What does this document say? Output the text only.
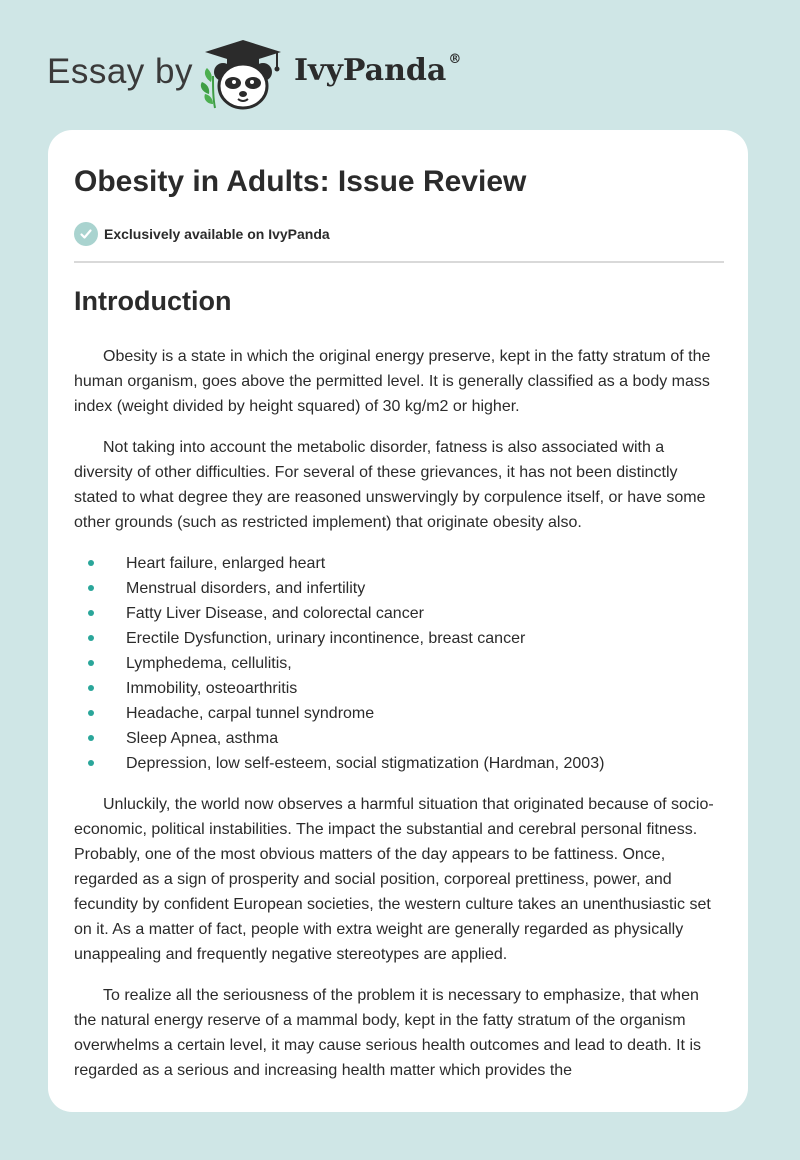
Essay by	IvyPanda ®
Obesity in Adults: Issue Review
Exclusively available on IvyPanda
Introduction

Obesity is a state in which the original energy preserve, kept in the fatty stratum of the human organism, goes above the permitted level. It is generally classified as a body mass index (weight divided by height squared) of 30 kg/m2 or higher.

Not taking into account the metabolic disorder, fatness is also associated with a diversity of other difficulties. For several of these grievances, it has not been distinctly stated to what degree they are reasoned unswervingly by corpulence itself, or have some other grounds (such as restricted implement) that originate obesity also.

Heart failure, enlarged heart
Menstrual disorders, and infertility
Fatty Liver Disease, and colorectal cancer
Erectile Dysfunction, urinary incontinence, breast cancer
Lymphedema, cellulitis,
Immobility, osteoarthritis
Headache, carpal tunnel syndrome
Sleep Apnea, asthma
Depression, low self-esteem, social stigmatization (Hardman, 2003)

Unluckily, the world now observes a harmful situation that originated because of socio-economic, political instabilities. The impact the substantial and cerebral personal fitness. Probably, one of the most obvious matters of the day appears to be fattiness. Once, regarded as a sign of prosperity and social position, corporeal prettiness, power, and fecundity by confident European societies, the western culture takes an unenthusiastic set on it. As a matter of fact, people with extra weight are generally regarded as physically unappealing and frequently negative stereotypes are applied.

To realize all the seriousness of the problem it is necessary to emphasize, that when the natural energy reserve of a mammal body, kept in the fatty stratum of the organism overwhelms a certain level, it may cause serious health outcomes and lead to death. It is regarded as a serious and increasing health matter which provides the
